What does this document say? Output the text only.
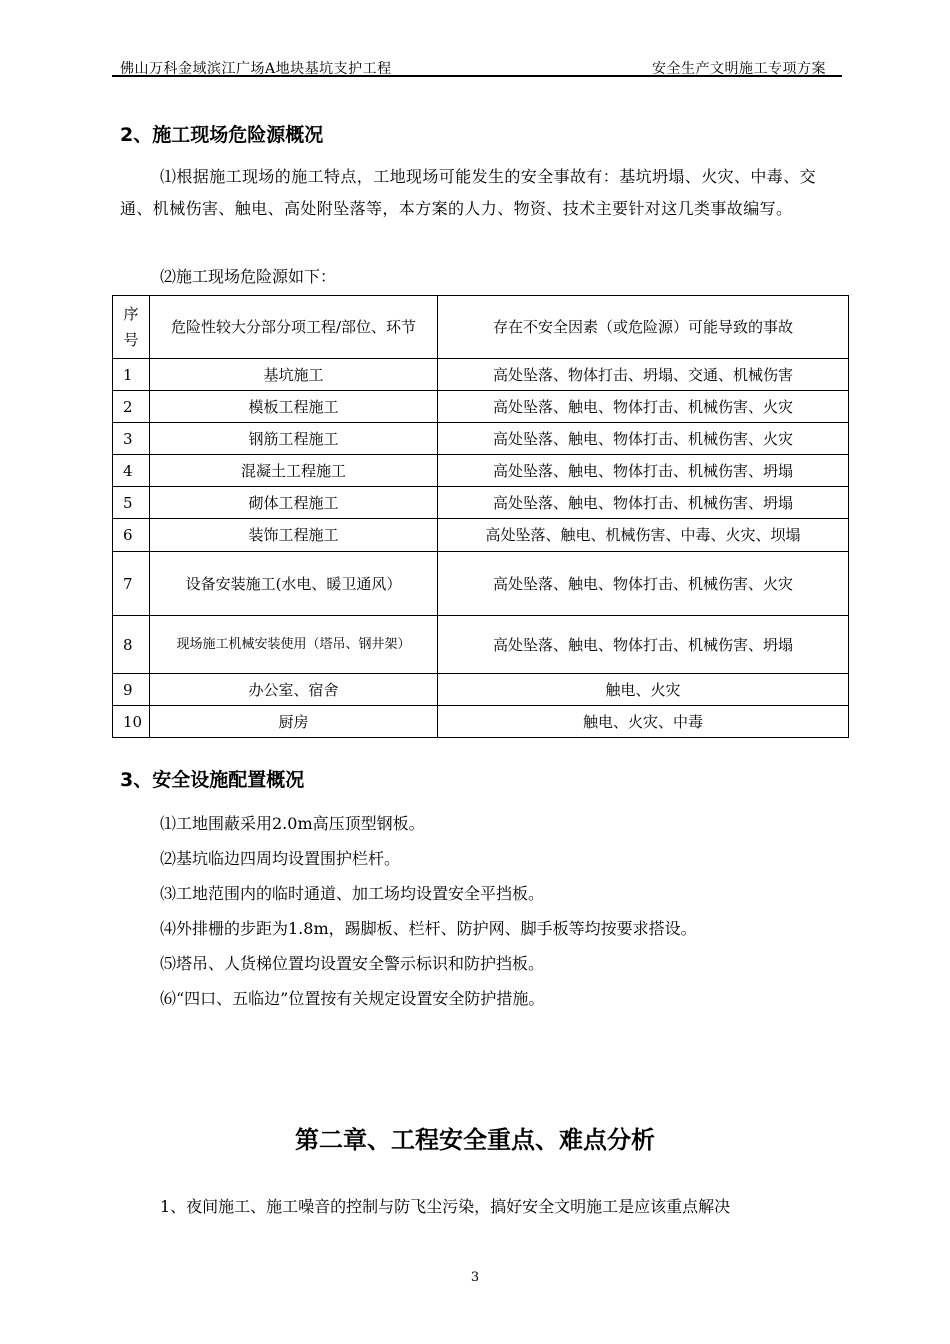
佛山万科金域滨江广场A地块基坑支护工程	安全生产文明施工专项方案
2、施工现场危险源概况
⑴根据施工现场的施工特点，工地现场可能发生的安全事故有：基坑坍塌、火灾、中毒、交通、机械伤害、触电、高处附坠落等，本方案的人力、物资、技术主要针对这几类事故编写。
⑵施工现场危险源如下：
序号	危险性较大分部分项工程/部位、环节	存在不安全因素（或危险源）可能导致的事故
1	基坑施工	高处坠落、物体打击、坍塌、交通、机械伤害
2	模板工程施工	高处坠落、触电、物体打击、机械伤害、火灾
3	钢筋工程施工	高处坠落、触电、物体打击、机械伤害、火灾
4	混凝土工程施工	高处坠落、触电、物体打击、机械伤害、坍塌
5	砌体工程施工	高处坠落、触电、物体打击、机械伤害、坍塌
6	装饰工程施工	高处坠落、触电、机械伤害、中毒、火灾、坝塌
7	设备安装施工(水电、暖卫通风）	高处坠落、触电、物体打击、机械伤害、火灾
8	现场施工机械安装使用（塔吊、钢井架）	高处坠落、触电、物体打击、机械伤害、坍塌
9	办公室、宿舍	触电、火灾
10	厨房	触电、火灾、中毒
3、安全设施配置概况
⑴工地围蔽采用2.0m高压顶型钢板。
⑵基坑临边四周均设置围护栏杆。
⑶工地范围内的临时通道、加工场均设置安全平挡板。
⑷外排栅的步距为1.8m，踢脚板、栏杆、防护网、脚手板等均按要求搭设。
⑸塔吊、人货梯位置均设置安全警示标识和防护挡板。
⑹“四口、五临边”位置按有关规定设置安全防护措施。
第二章、工程安全重点、难点分析
1、夜间施工、施工噪音的控制与防飞尘污染，搞好安全文明施工是应该重点解决
3
